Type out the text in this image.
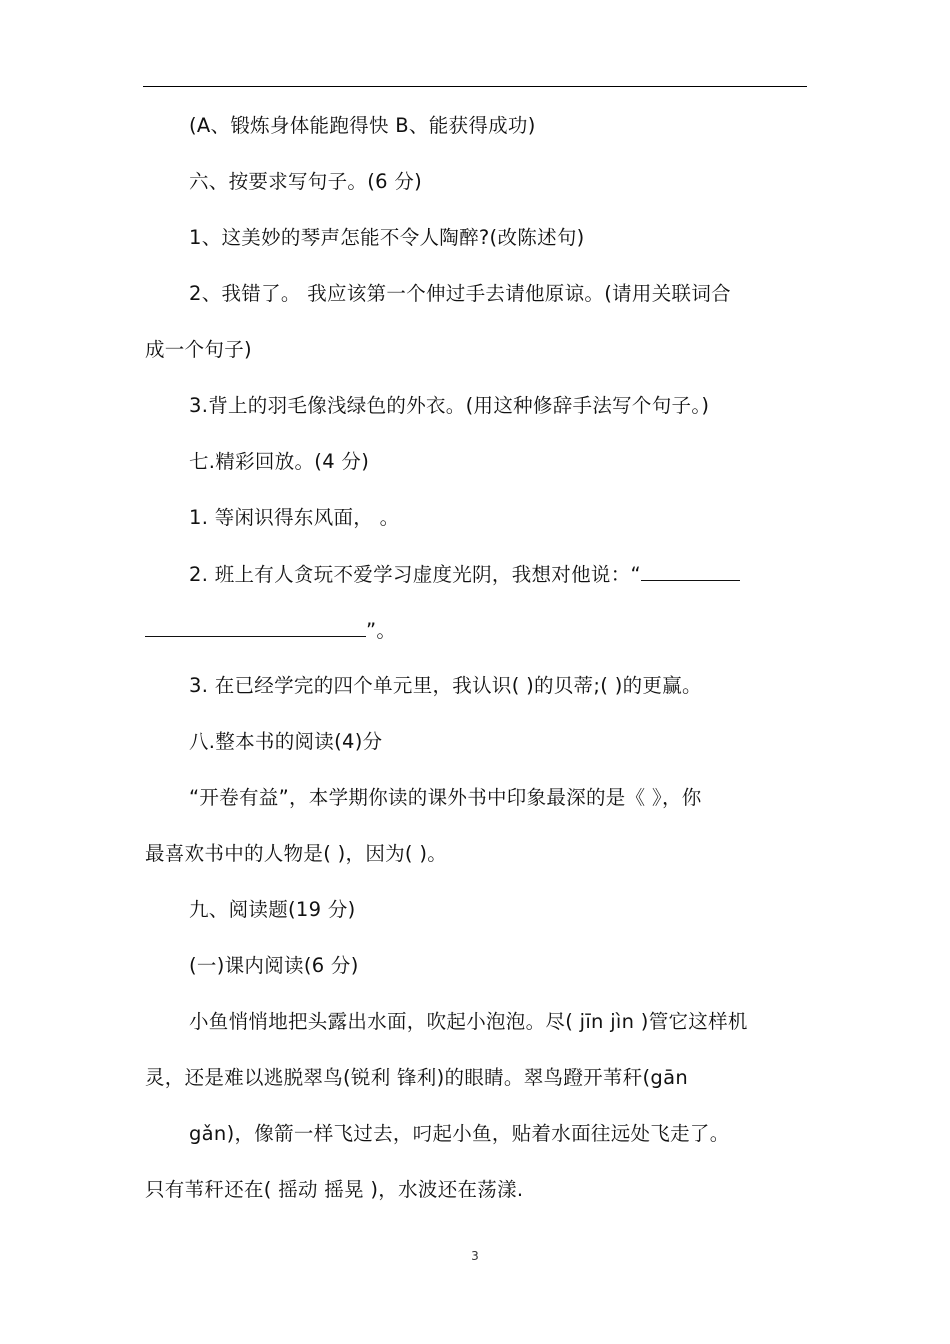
(A、锻炼身体能跑得快 B、能获得成功)
六、按要求写句子。(6 分)
1、这美妙的琴声怎能不令人陶醉?(改陈述句)
2、我错了。 我应该第一个伸过手去请他原谅。(请用关联词合
成一个句子)
3.背上的羽毛像浅绿色的外衣。(用这种修辞手法写个句子。)
七.精彩回放。(4 分)
1. 等闲识得东风面， 。
2. 班上有人贪玩不爱学习虚度光阴，我想对他说：“
”。
3. 在已经学完的四个单元里，我认识( )的贝蒂;( )的更赢。
八.整本书的阅读(4)分
“开卷有益”，本学期你读的课外书中印象最深的是《 》，你
最喜欢书中的人物是( )，因为( )。
九、阅读题(19 分)
(一)课内阅读(6 分)
小鱼悄悄地把头露出水面，吹起小泡泡。尽( jīn jìn )管它这样机
灵，还是难以逃脱翠鸟(锐利 锋利)的眼睛。翠鸟蹬开苇秆(gān
gǎn)，像箭一样飞过去，叼起小鱼，贴着水面往远处飞走了。
只有苇秆还在( 摇动 摇晃 )，水波还在荡漾.
3
